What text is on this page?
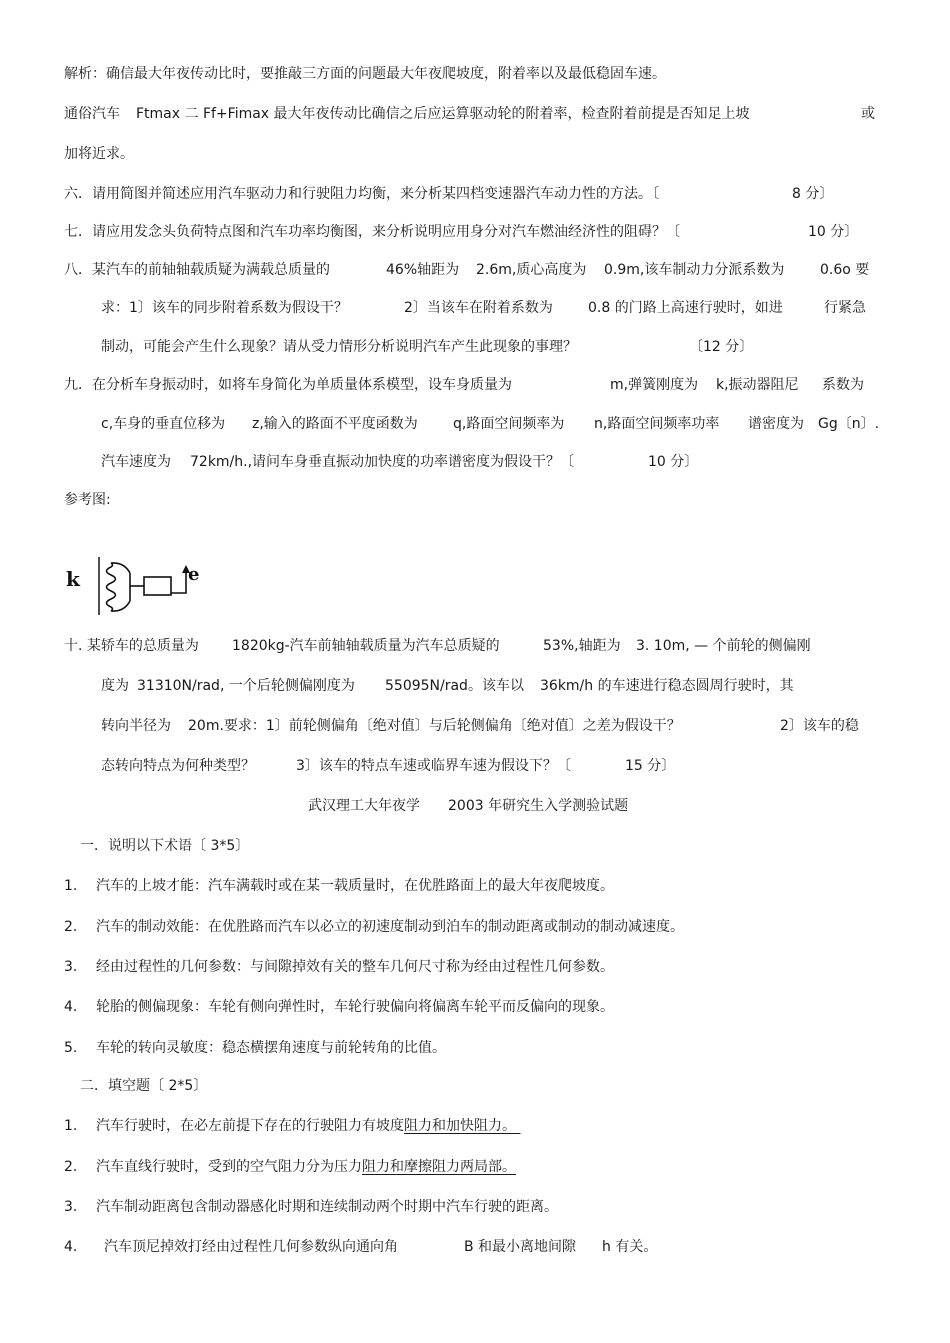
解析：确信最大年夜传动比时，要推敲三方面的问题最大年夜爬坡度，附着率以及最低稳固车速。
通俗汽车 Ftmax 二 Ff+Fimax 最大年夜传动比确信之后应运算驱动轮的附着率，检查附着前提是否知足上坡	或
加将近求。
六．请用简图并简述应用汽车驱动力和行驶阻力均衡，来分析某四档变速器汽车动力性的方法。〔	8 分〕
七．请应用发念头负荷特点图和汽车功率均衡图，来分析说明应用身分对汽车燃油经济性的阻碍？〔	10 分〕
八．某汽车的前轴轴载质疑为满载总质量的	46%轴距为 2.6m,质心高度为 0.9m,该车制动力分派系数为	0.6o 要
求：1〕该车的同步附着系数为假设干？	2〕当该车在附着系数为	0.8 的门路上高速行驶时，如进	行紧急
制动，可能会产生什么现象？请从受力情形分析说明汽车产生此现象的事理？	〔12 分〕
九．在分析车身振动时，如将车身简化为单质量体系模型，设车身质量为	m,弹簧刚度为 k,振动器阻尼 系数为
c,车身的垂直位移为 z,输入的路面不平度函数为	q,路面空间频率为 n,路面空间频率功率 谱密度为 Gg〔n〕.
汽车速度为 72km/h.,请问车身垂直振动加快度的功率谱密度为假设干？〔	10 分〕
参考图:
k	e
十. 某轿车的总质量为 1820kg-汽车前轴轴载质量为汽车总质疑的	53%,轴距为 3. 10m, — 个前轮的侧偏刚
度为 31310N/rad, 一个后轮侧偏刚度为 55095N/rad。该车以 36km/h 的车速进行稳态圆周行驶时，其
转向半径为 20m.要求：1〕前轮侧偏角〔绝对值〕与后轮侧偏角〔绝对值〕之差为假设干？	2〕该车的稳
态转向特点为何种类型？	3〕该车的特点车速或临界车速为假设下？〔	15 分〕
武汉理工大年夜学 2003 年研究生入学测验试题
一．说明以下术语〔 3*5〕
1. 汽车的上坡才能：汽车满载时或在某一载质量时，在优胜路面上的最大年夜爬坡度。
2. 汽车的制动效能：在优胜路而汽车以必立的初速度制动到泊车的制动距离或制动的制动减速度。
3. 经由过程性的几何参数：与间隙掉效有关的整车几何尺寸称为经由过程性几何参数。
4. 轮胎的侧偏现象：车轮有侧向弹性时，车轮行驶偏向将偏离车轮平而反偏向的现象。
5. 车轮的转向灵敏度：稳态横摆角速度与前轮转角的比值。
二．填空题〔 2*5〕
1. 汽车行驶时，在必左前提下存在的行驶阻力有坡度阻力和加快阻力。
2. 汽车直线行驶时，受到的空气阻力分为压力阻力和摩擦阻力两局部。
3. 汽车制动距离包含制动器感化时期和连续制动两个时期中汽车行驶的距离。
4. 汽车顶尼掉效打经由过程性几何参数纵向通向角	B 和最小离地间隙 h 有关。
